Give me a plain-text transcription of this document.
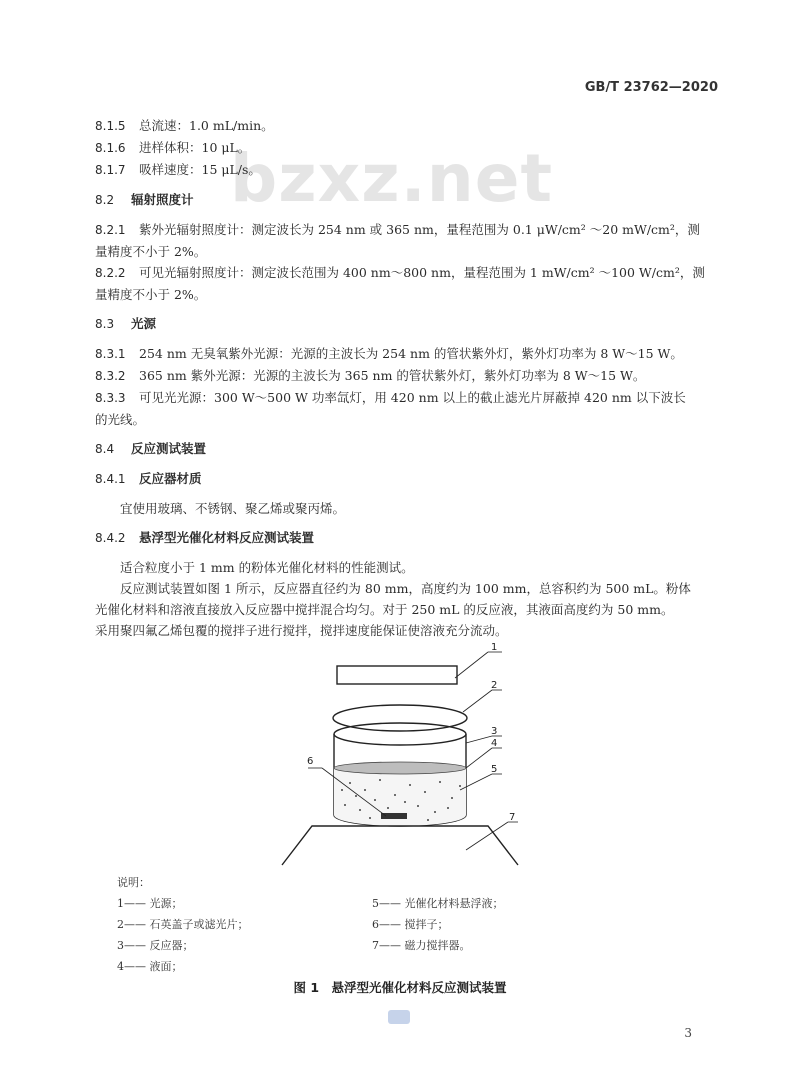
GB/T 23762—2020
bzxz.net
8.1.5 总流速：1.0 mL/min。
8.1.6 进样体积：10 μL。
8.1.7 吸样速度：15 μL/s。
8.2 辐射照度计
8.2.1 紫外光辐射照度计：测定波长为 254 nm 或 365 nm，量程范围为 0.1 μW/cm² ～20 mW/cm²，测
量精度不小于 2%。
8.2.2 可见光辐射照度计：测定波长范围为 400 nm～800 nm，量程范围为 1 mW/cm² ～100 W/cm²，测
量精度不小于 2%。
8.3 光源
8.3.1 254 nm 无臭氧紫外光源：光源的主波长为 254 nm 的管状紫外灯，紫外灯功率为 8 W～15 W。
8.3.2 365 nm 紫外光源：光源的主波长为 365 nm 的管状紫外灯，紫外灯功率为 8 W～15 W。
8.3.3 可见光光源：300 W～500 W 功率氙灯，用 420 nm 以上的截止滤光片屏蔽掉 420 nm 以下波长
的光线。
8.4 反应测试装置
8.4.1 反应器材质
宜使用玻璃、不锈钢、聚乙烯或聚丙烯。
8.4.2 悬浮型光催化材料反应测试装置
适合粒度小于 1 mm 的粉体光催化材料的性能测试。
反应测试装置如图 1 所示，反应器直径约为 80 mm，高度约为 100 mm，总容积约为 500 mL。粉体
光催化材料和溶液直接放入反应器中搅拌混合均匀。对于 250 mL 的反应液，其液面高度约为 50 mm。
采用聚四氟乙烯包覆的搅拌子进行搅拌，搅拌速度能保证使溶液充分流动。
1
2
3
4
5
6
7
说明：
1—— 光源；	5—— 光催化材料悬浮液；
2—— 石英盖子或滤光片；	6—— 搅拌子；
3—— 反应器；	7—— 磁力搅拌器。
4—— 液面；
图 1　悬浮型光催化材料反应测试装置
3
